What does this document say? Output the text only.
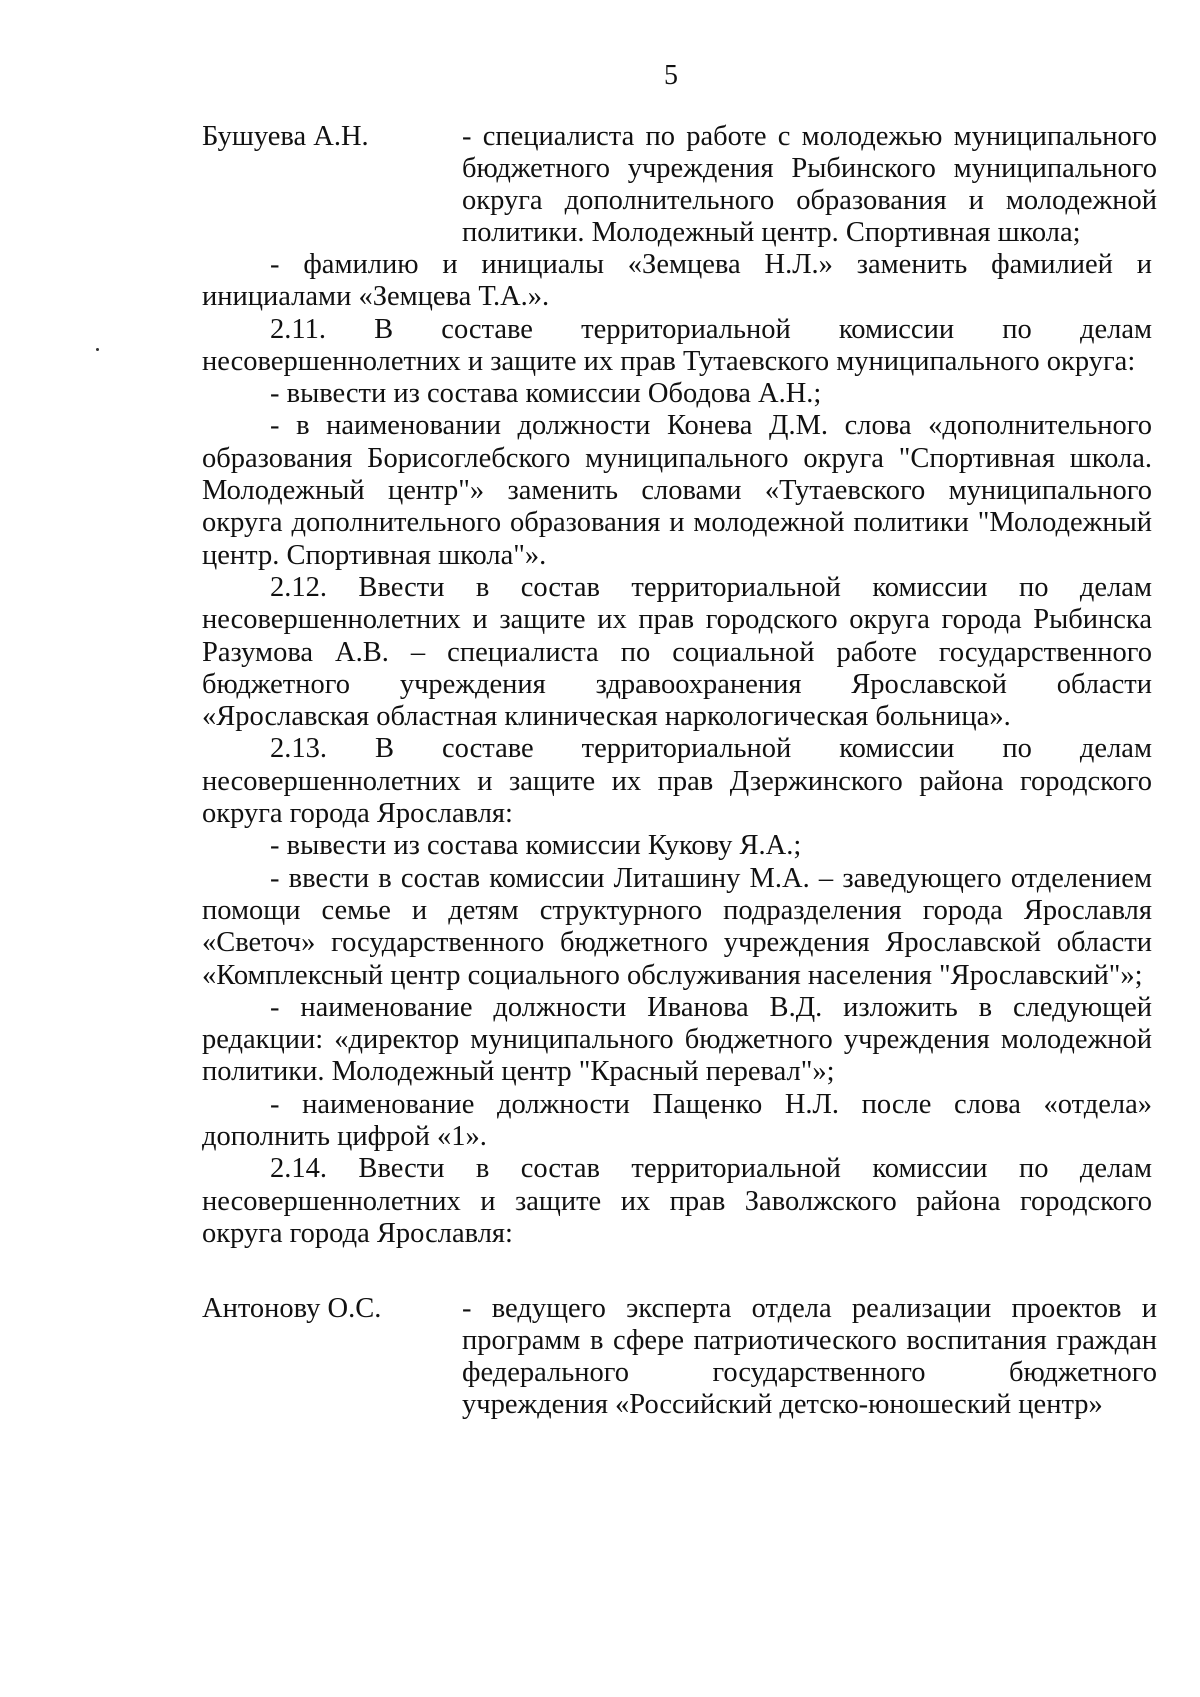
5
Бушуева А.Н.	- специалиста по работе с молодежью муниципального бюджетного учреждения Рыбинского муниципального округа дополнительного образования и молодежной политики. Молодежный центр. Спортивная школа;

- фамилию и инициалы «Земцева Н.Л.» заменить фамилией и инициалами «Земцева Т.А.».

2.11. В составе территориальной комиссии по делам несовершеннолетних и защите их прав Тутаевского муниципального округа:

- вывести из состава комиссии Ободова А.Н.;

- в наименовании должности Конева Д.М. слова «дополнительного образования Борисоглебского муниципального округа "Спортивная школа. Молодежный центр"» заменить словами «Тутаевского муниципального округа дополнительного образования и молодежной политики "Молодежный центр. Спортивная школа"».

2.12. Ввести в состав территориальной комиссии по делам несовершеннолетних и защите их прав городского округа города Рыбинска Разумова А.В. – специалиста по социальной работе государственного бюджетного учреждения здравоохранения Ярославской области «Ярославская областная клиническая наркологическая больница».

2.13. В составе территориальной комиссии по делам несовершеннолетних и защите их прав Дзержинского района городского округа города Ярославля:

- вывести из состава комиссии Кукову Я.А.;

- ввести в состав комиссии Литашину М.А. – заведующего отделением помощи семье и детям структурного подразделения города Ярославля «Светоч» государственного бюджетного учреждения Ярославской области «Комплексный центр социального обслуживания населения "Ярославский"»;

- наименование должности Иванова В.Д. изложить в следующей редакции: «директор муниципального бюджетного учреждения молодежной политики. Молодежный центр "Красный перевал"»;

- наименование должности Пащенко Н.Л. после слова «отдела» дополнить цифрой «1».

2.14. Ввести в состав территориальной комиссии по делам несовершеннолетних и защите их прав Заволжского района городского округа города Ярославля:

Антонову О.С.	- ведущего эксперта отдела реализации проектов и программ в сфере патриотического воспитания граждан федерального государственного бюджетного учреждения «Российский детско-юношеский центр»
